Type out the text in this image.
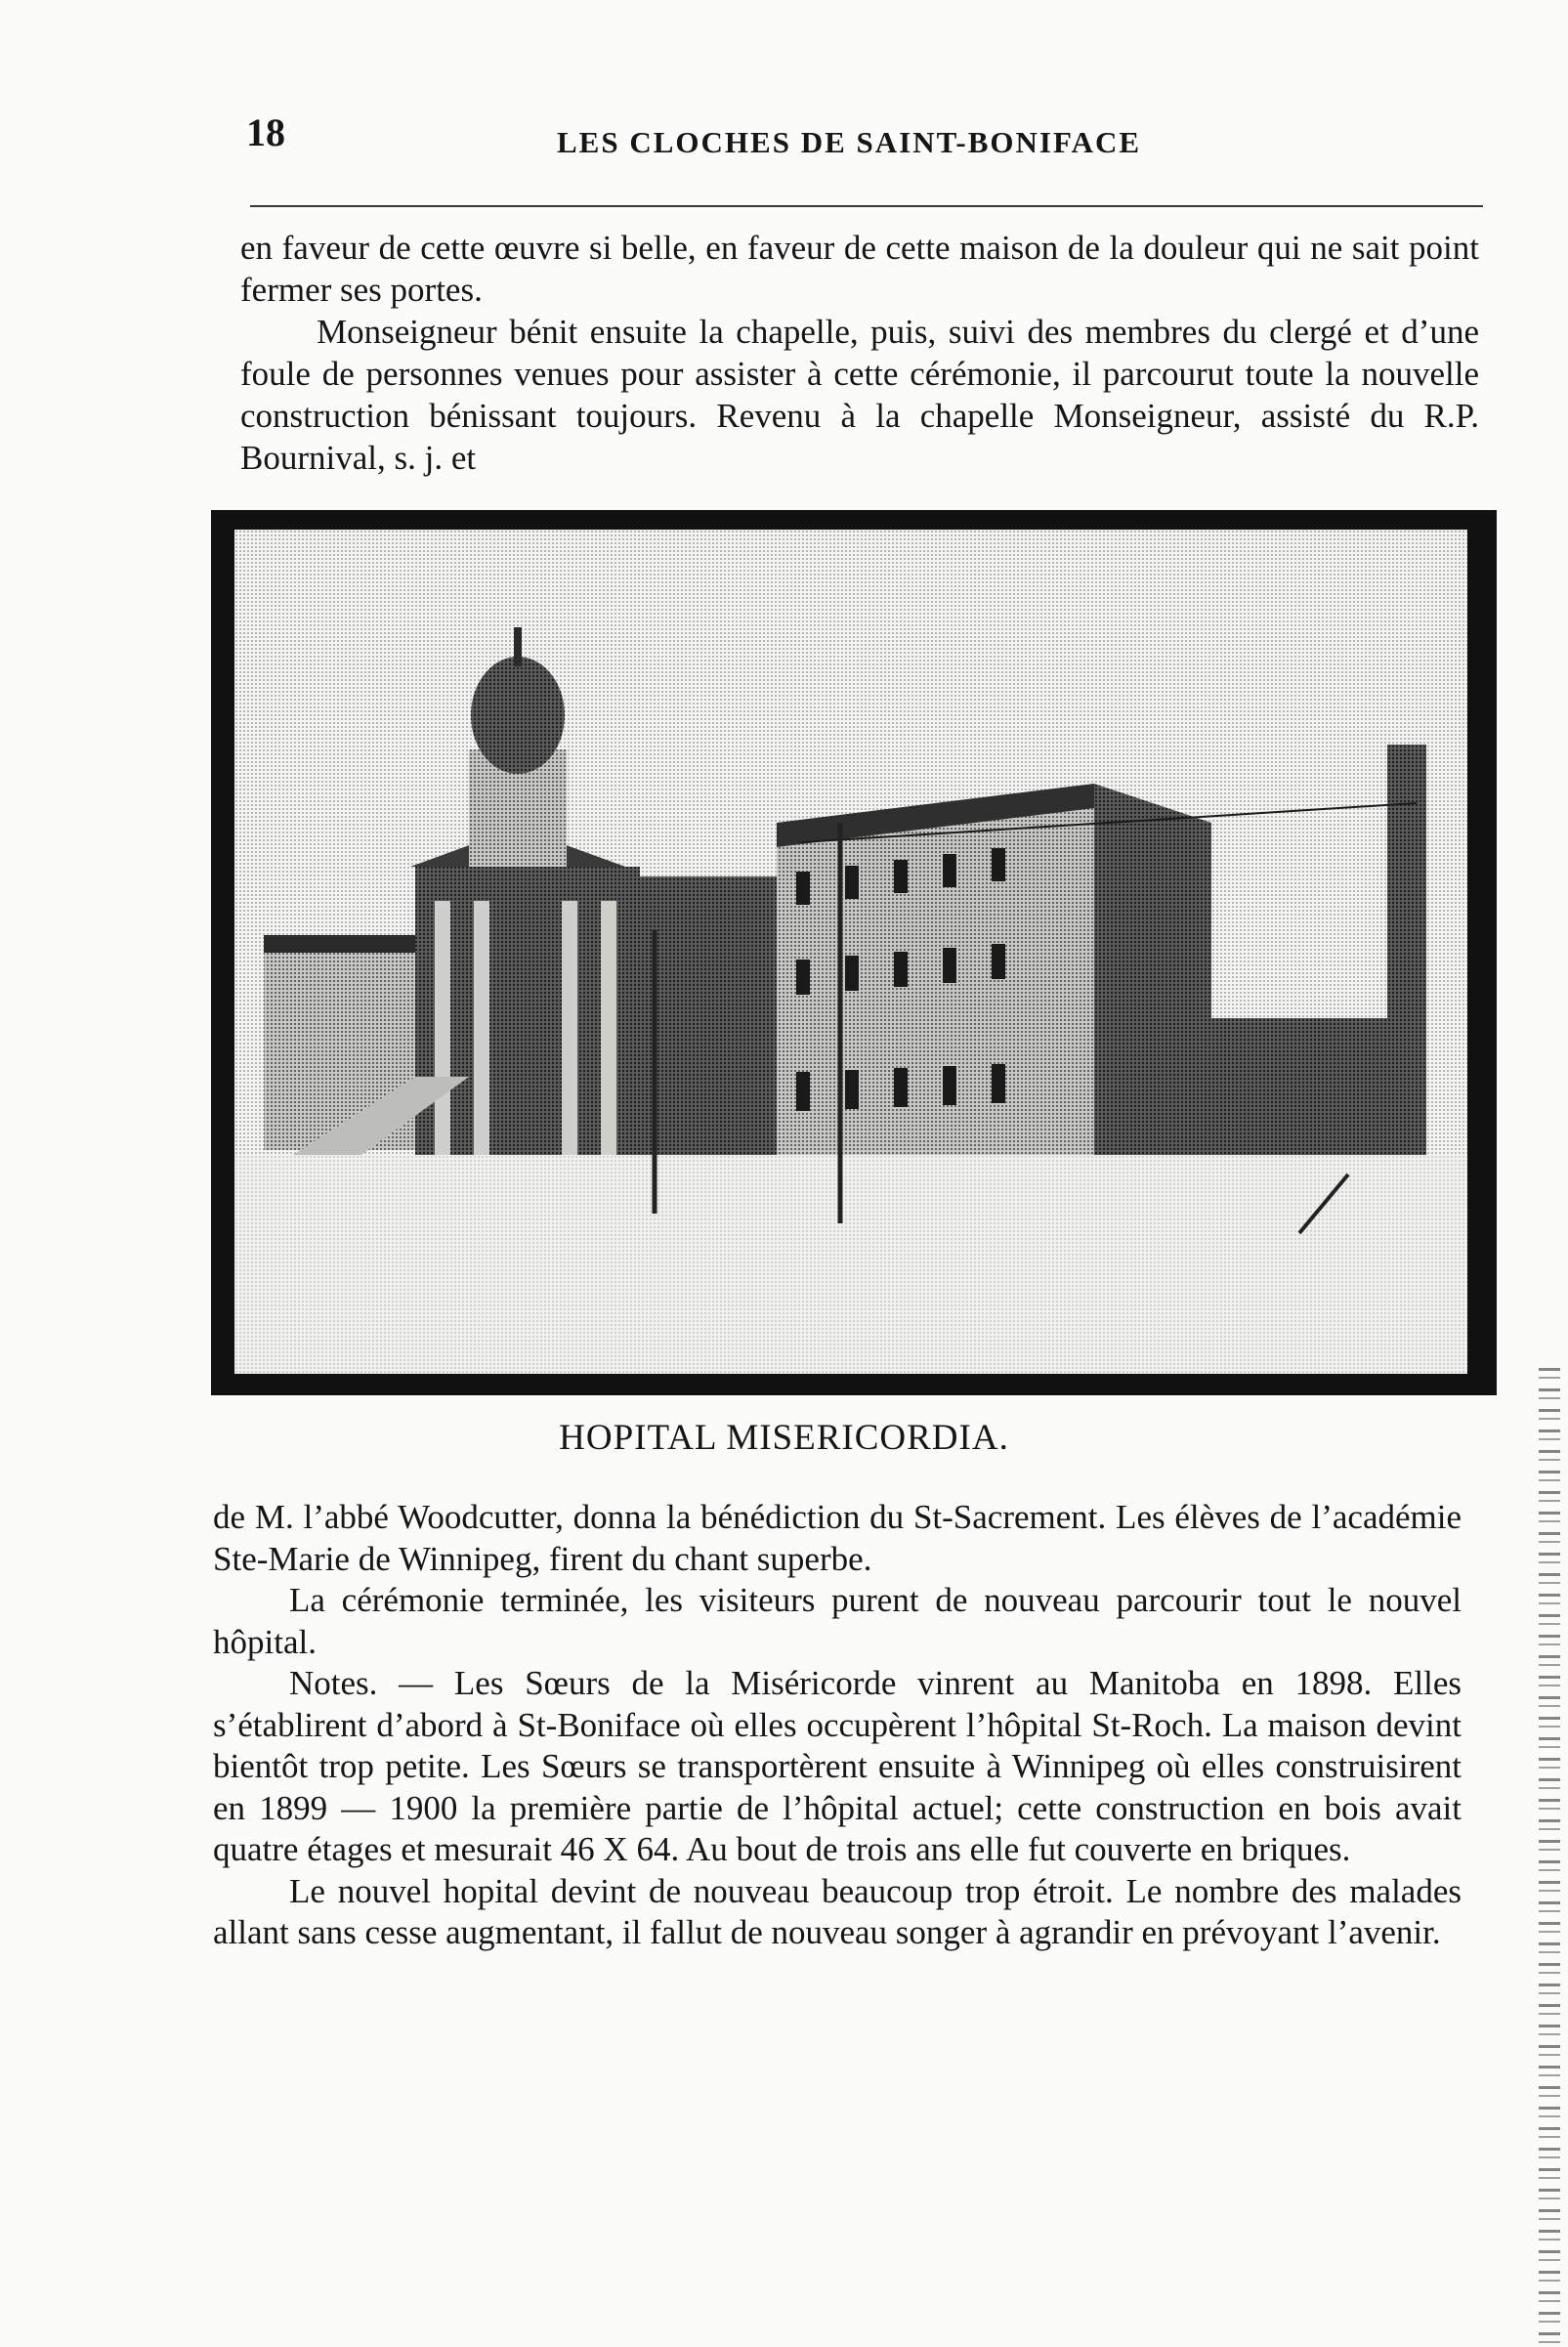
18	LES CLOCHES DE SAINT-BONIFACE

en faveur de cette œuvre si belle, en faveur de cette maison de la douleur qui ne sait point fermer ses portes.

Monseigneur bénit ensuite la chapelle, puis, suivi des membres du clergé et d’une foule de personnes venues pour assister à cette cérémonie, il parcourut toute la nouvelle construction bénissant toujours. Revenu à la chapelle Monseigneur, assisté du R.P. Bournival, s. j. et

HOPITAL MISERICORDIA.

de M. l’abbé Woodcutter, donna la bénédiction du St-Sacrement. Les élèves de l’académie Ste-Marie de Winnipeg, firent du chant superbe.

La cérémonie terminée, les visiteurs purent de nouveau parcourir tout le nouvel hôpital.

Notes. — Les Sœurs de la Miséricorde vinrent au Manitoba en 1898. Elles s’établirent d’abord à St-Boniface où elles occupèrent l’hôpital St-Roch. La maison devint bientôt trop petite. Les Sœurs se transportèrent ensuite à Winnipeg où elles construisirent en 1899 — 1900 la première partie de l’hôpital actuel; cette construction en bois avait quatre étages et mesurait 46 X 64. Au bout de trois ans elle fut couverte en briques.

Le nouvel hopital devint de nouveau beaucoup trop étroit. Le nombre des malades allant sans cesse augmentant, il fallut de nouveau songer à agrandir en prévoyant l’avenir.
